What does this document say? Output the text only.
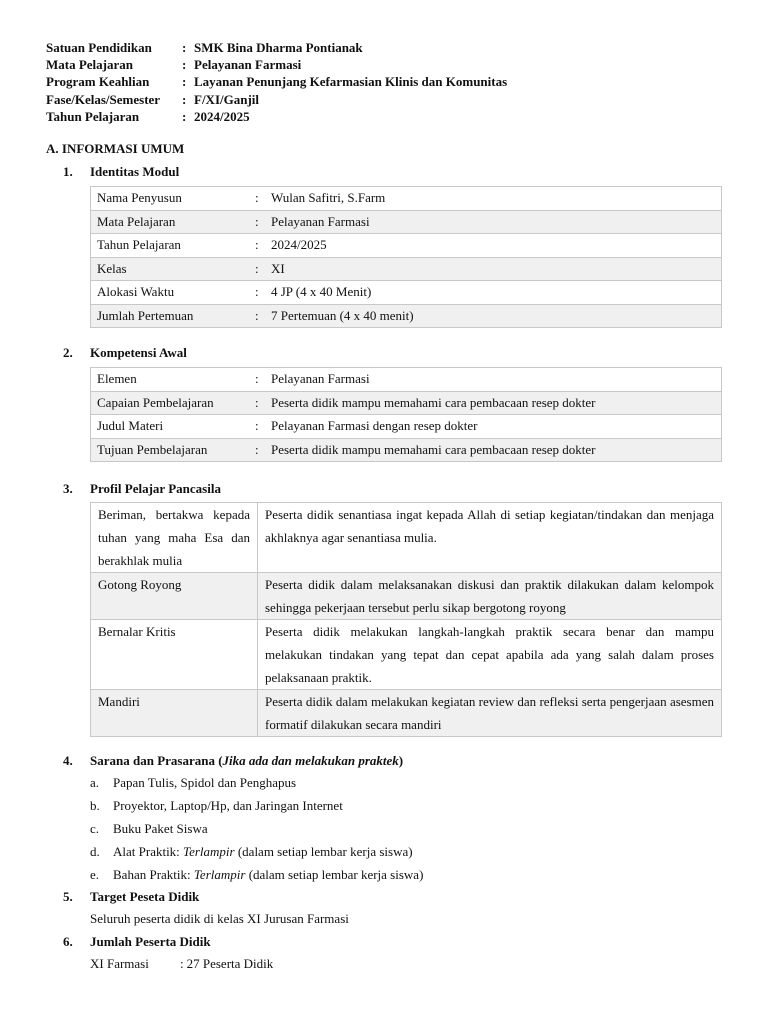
Satuan Pendidikan : SMK Bina Dharma Pontianak
Mata Pelajaran	: Pelayanan Farmasi
Program Keahlian	: Layanan Penunjang Kefarmasian Klinis dan Komunitas
Fase/Kelas/Semester : F/XI/Ganjil
Tahun Pelajaran	: 2024/2025
A. INFORMASI UMUM
1. Identitas Modul
Nama Penyusun	:	Wulan Safitri, S.Farm
Mata Pelajaran	:	Pelayanan Farmasi
Tahun Pelajaran	:	2024/2025
Kelas	:	XI
Alokasi Waktu	:	4 JP (4 x 40 Menit)
Jumlah Pertemuan	:	7 Pertemuan (4 x 40 menit)
2. Kompetensi Awal
Elemen	:	Pelayanan Farmasi
Capaian Pembelajaran	:	Peserta didik mampu memahami cara pembacaan resep dokter
Judul Materi	:	Pelayanan Farmasi dengan resep dokter
Tujuan Pembelajaran	:	Peserta didik mampu memahami cara pembacaan resep dokter
3. Profil Pelajar Pancasila
Beriman, bertakwa kepada tuhan yang maha Esa dan berakhlak mulia	Peserta didik senantiasa ingat kepada Allah di setiap kegiatan/tindakan dan menjaga akhlaknya agar senantiasa mulia.
Gotong Royong	Peserta didik dalam melaksanakan diskusi dan praktik dilakukan dalam kelompok sehingga pekerjaan tersebut perlu sikap bergotong royong
Bernalar Kritis	Peserta didik melakukan langkah-langkah praktik secara benar dan mampu melakukan tindakan yang tepat dan cepat apabila ada yang salah dalam proses pelaksanaan praktik.
Mandiri	Peserta didik dalam melakukan kegiatan review dan refleksi serta pengerjaan asesmen formatif dilakukan secara mandiri
4. Sarana dan Prasarana (Jika ada dan melakukan praktek)
a. Papan Tulis, Spidol dan Penghapus
b. Proyektor, Laptop/Hp, dan Jaringan Internet
c. Buku Paket Siswa
d. Alat Praktik: Terlampir (dalam setiap lembar kerja siswa)
e. Bahan Praktik: Terlampir (dalam setiap lembar kerja siswa)
5. Target Peseta Didik
Seluruh peserta didik di kelas XI Jurusan Farmasi
6. Jumlah Peserta Didik
XI Farmasi : 27 Peserta Didik
